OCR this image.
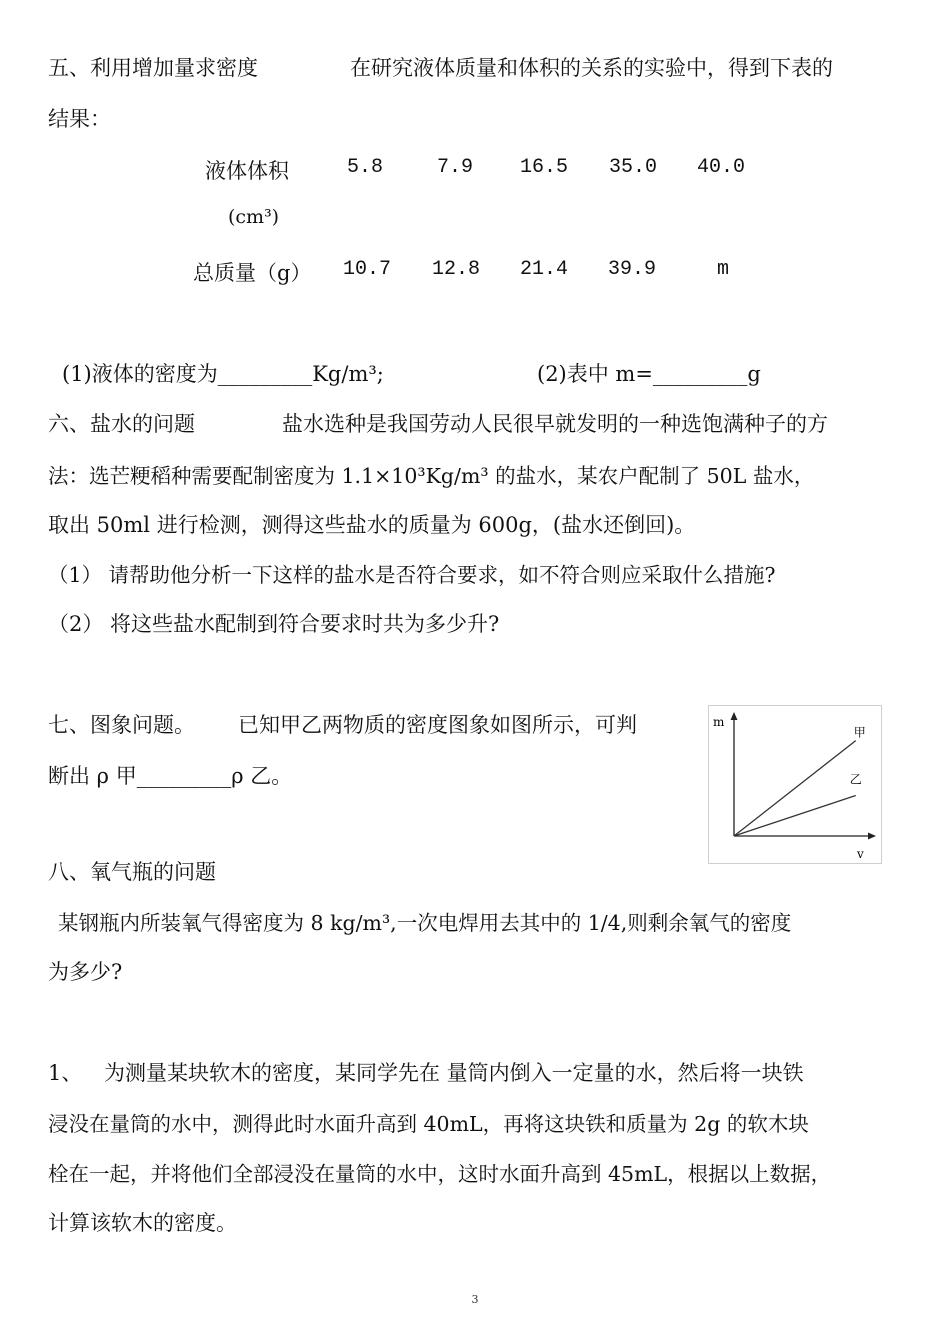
五、利用增加量求密度	在研究液体质量和体积的关系的实验中，得到下表的
结果：
液体体积	5.8	7.9 16.5 35.0 40.0
(cm³)
总质量（g） 10.7 12.8 21.4 39.9	m
(1)液体的密度为_________Kg/m³;	(2)表中 m=_________g
六、盐水的问题	盐水选种是我国劳动人民很早就发明的一种选饱满种子的方
法：选芒粳稻种需要配制密度为 1.1×10³Kg/m³ 的盐水，某农户配制了 50L 盐水，
取出 50ml 进行检测，测得这些盐水的质量为 600g，(盐水还倒回)。
（1） 请帮助他分析一下这样的盐水是否符合要求，如不符合则应采取什么措施?
（2） 将这些盐水配制到符合要求时共为多少升?
七、图象问题。 已知甲乙两物质的密度图象如图所示，可判
断出 ρ 甲_________ρ 乙。
m
v
甲
乙
八、氧气瓶的问题
某钢瓶内所装氧气得密度为 8 kg/m³,一次电焊用去其中的 1/4,则剩余氧气的密度
为多少?
1、 为测量某块软木的密度，某同学先在 量筒内倒入一定量的水，然后将一块铁
浸没在量筒的水中，测得此时水面升高到 40mL，再将这块铁和质量为 2g 的软木块
栓在一起，并将他们全部浸没在量筒的水中，这时水面升高到 45mL，根据以上数据，
计算该软木的密度。
3
